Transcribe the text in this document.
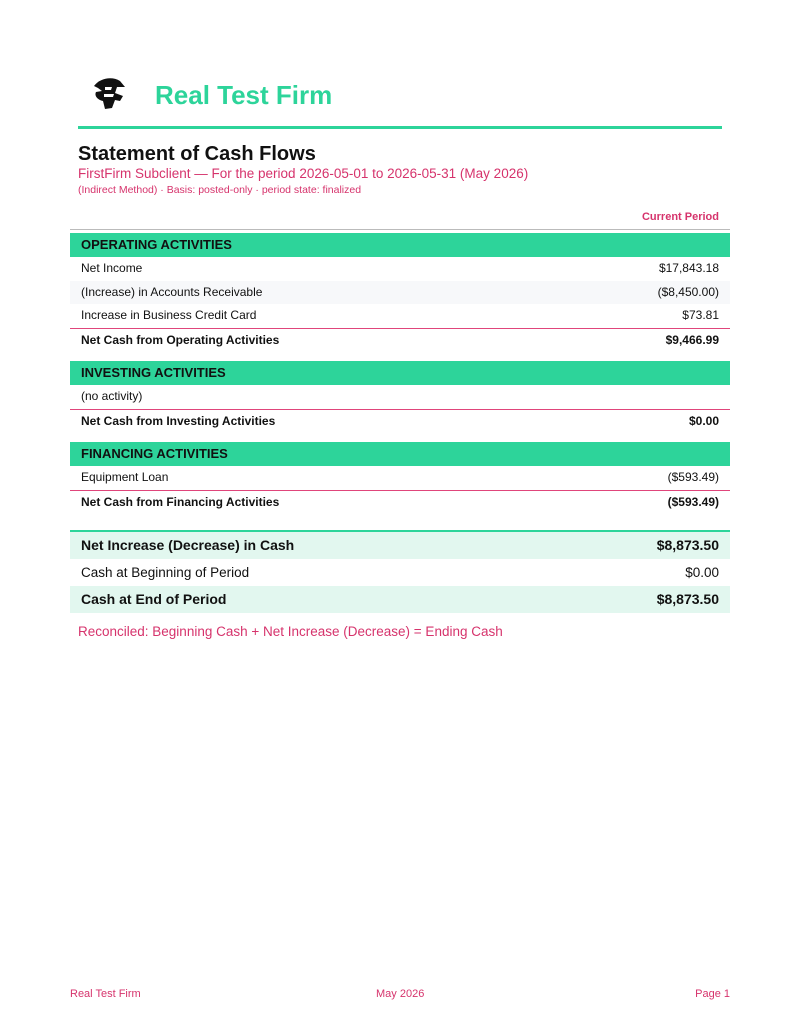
Real Test Firm
Statement of Cash Flows
FirstFirm Subclient — For the period 2026-05-01 to 2026-05-31 (May 2026)
(Indirect Method) · Basis: posted-only · period state: finalized
Current Period
OPERATING ACTIVITIES
Net Income	$17,843.18
(Increase) in Accounts Receivable	($8,450.00)
Increase in Business Credit Card	$73.81
Net Cash from Operating Activities	$9,466.99
INVESTING ACTIVITIES
(no activity)
Net Cash from Investing Activities	$0.00
FINANCING ACTIVITIES
Equipment Loan	($593.49)
Net Cash from Financing Activities	($593.49)
Net Increase (Decrease) in Cash	$8,873.50
Cash at Beginning of Period	$0.00
Cash at End of Period	$8,873.50
Reconciled: Beginning Cash + Net Increase (Decrease) = Ending Cash
Real Test Firm	May 2026	Page 1
